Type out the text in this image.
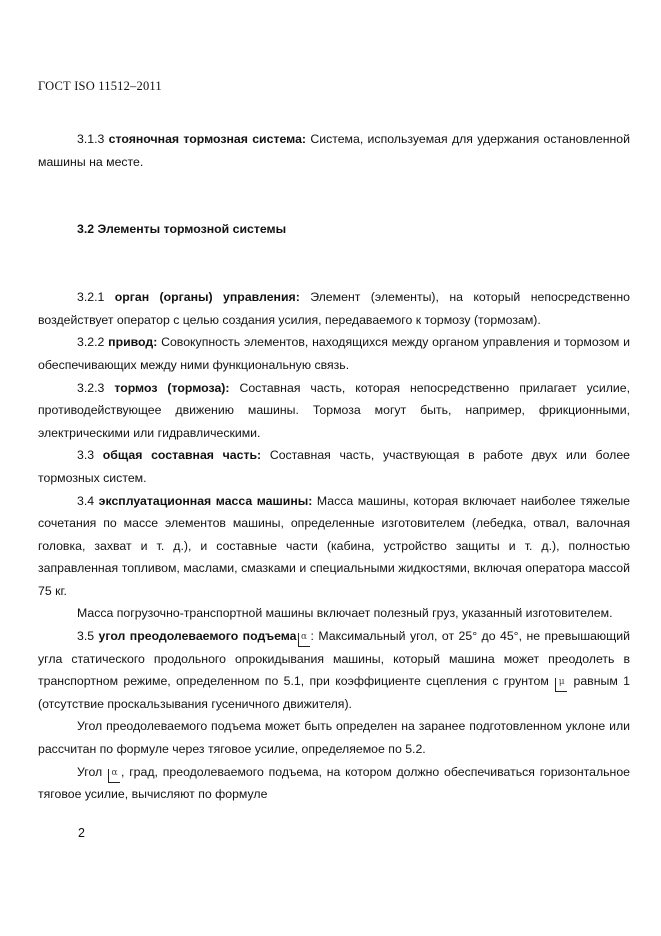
ГОСТ ISO 11512–2011

3.1.3 стояночная тормозная система: Система, используемая для удержания остановленной машины на месте.

3.2 Элементы тормозной системы

3.2.1 орган (органы) управления: Элемент (элементы), на который непосредственно воздействует оператор с целью создания усилия, передаваемого к тормозу (тормозам).

3.2.2 привод: Совокупность элементов, находящихся между органом управления и тормозом и обеспечивающих между ними функциональную связь.

3.2.3 тормоз (тормоза): Составная часть, которая непосредственно прилагает усилие, противодействующее движению машины. Тормоза могут быть, например, фрикционными, электрическими или гидравлическими.

3.3 общая составная часть: Составная часть, участвующая в работе двух или более тормозных систем.

3.4 эксплуатационная масса машины: Масса машины, которая включает наиболее тяжелые сочетания по массе элементов машины, определенные изготовителем (лебедка, отвал, валочная головка, захват и т. д.), и составные части (кабина, устройство защиты и т. д.), полностью заправленная топливом, маслами, смазками и специальными жидкостями, включая оператора массой 75 кг.

Масса погрузочно-транспортной машины включает полезный груз, указанный изготовителем.

3.5 угол преодолеваемого подъема α : Максимальный угол, от 25° до 45°, не превышающий угла статического продольного опрокидывания машины, который машина может преодолеть в транспортном режиме, определенном по 5.1, при коэффициенте сцепления с грунтом μ равным 1 (отсутствие проскальзывания гусеничного движителя).

Угол преодолеваемого подъема может быть определен на заранее подготовленном уклоне или рассчитан по формуле через тяговое усилие, определяемое по 5.2.

Угол α , град, преодолеваемого подъема, на котором должно обеспечиваться горизонтальное тяговое усилие, вычисляют по формуле

2
